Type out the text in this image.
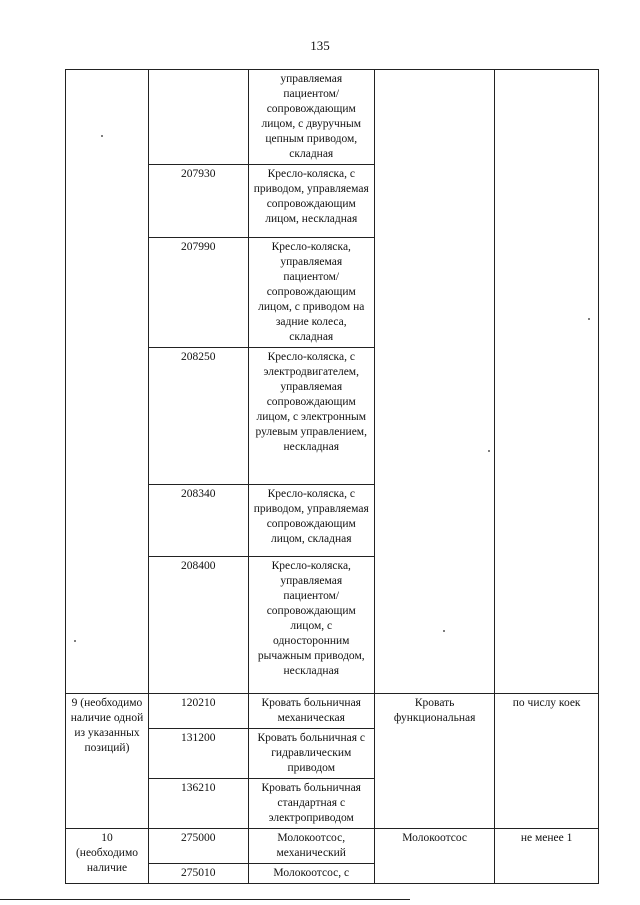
135
		управляемая пациентом/ сопровождающим лицом, с двуручным цепным приводом, складная		
	207930	Кресло-коляска, с приводом, управляемая сопровождающим лицом, нескладная		
	207990	Кресло-коляска, управляемая пациентом/ сопровождающим лицом, с приводом на задние колеса, складная		
	208250	Кресло-коляска, с электродвигателем, управляемая сопровождающим лицом, с электронным рулевым управлением, нескладная		
	208340	Кресло-коляска, с приводом, управляемая сопровождающим лицом, складная		
	208400	Кресло-коляска, управляемая пациентом/ сопровождающим лицом, с односторонним рычажным приводом, нескладная		
9 (необходимо наличие одной из указанных позиций)	120210	Кровать больничная механическая	Кровать функциональная	по числу коек
	131200	Кровать больничная с гидравлическим приводом		
	136210	Кровать больничная стандартная с электроприводом		
10 (необходимо наличие	275000	Молокоотсос, механический	Молокоотсос	не менее 1
	275010	Молокоотсос, с		
